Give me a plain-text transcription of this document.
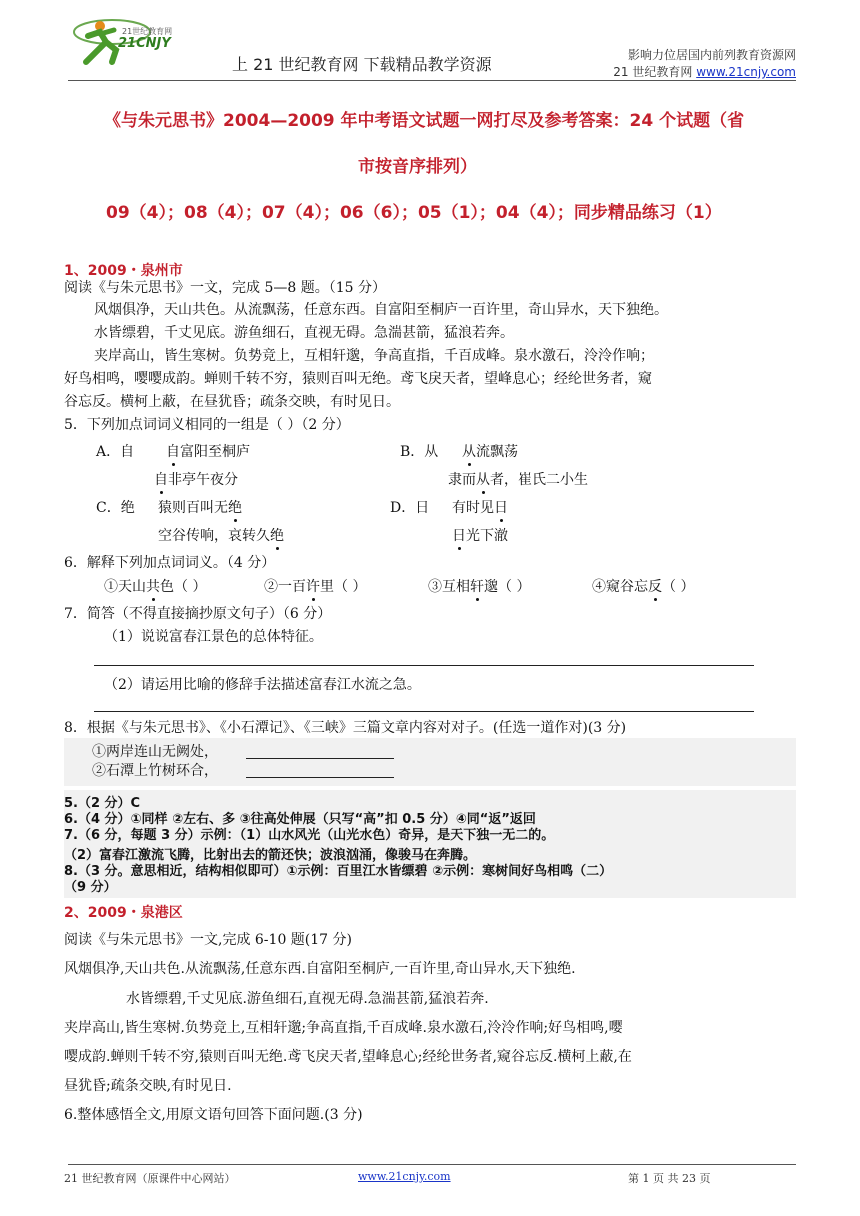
21世纪教育网
21CNJY
上 21 世纪教育网 下载精品教学资源	影响力位居国内前列教育资源网
21 世纪教育网 www.21cnjy.com
《与朱元思书》2004—2009 年中考语文试题一网打尽及参考答案：24 个试题（省
市按音序排列）
09（4）；08（4）；07（4）；06（6）；05（1）；04（4）；同步精品练习（1）
1、2009・泉州市
阅读《与朱元思书》一文，完成 5—8 题。（15 分）
风烟俱净，天山共色。从流飘荡，任意东西。自富阳至桐庐一百许里，奇山异水，天下独绝。
水皆缥碧，千丈见底。游鱼细石，直视无碍。急湍甚箭，猛浪若奔。
夹岸高山，皆生寒树。负势竞上，互相轩邈，争高直指，千百成峰。泉水激石，泠泠作响；
好鸟相鸣，嘤嘤成韵。蝉则千转不穷，猿则百叫无绝。鸢飞戾天者，望峰息心；经纶世务者，窥
谷忘反。横柯上蔽，在昼犹昏；疏条交映，有时见日。
5．下列加点词词义相同的一组是（ ）（2 分）
A．自 自富阳至桐庐
自非亭午夜分
B．从 从流飘荡
隶而从者，崔氏二小生
C．绝 猿则百叫无绝
空谷传响，哀转久绝
D．日 有时见日
日光下澈
6．解释下列加点词词义。（4 分）
①天山共色（ ）	②一百许里（ ）	③互相轩邈（ ）	④窥谷忘反（ ）
7．简答（不得直接摘抄原文句子）（6 分）
（1）说说富春江景色的总体特征。
（2）请运用比喻的修辞手法描述富春江水流之急。
8．根据《与朱元思书》、《小石潭记》、《三峡》三篇文章内容对对子。(任选一道作对)(3 分)
①两岸连山无阙处，
②石潭上竹树环合，
5.（2 分）C
6.（4 分）①同样 ②左右、多 ③往高处伸展（只写“高”扣 0.5 分）④同“返”返回
7.（6 分，每题 3 分）示例：（1）山水风光（山光水色）奇异，是天下独一无二的。
（2）富春江激流飞腾，比射出去的箭还快；波浪汹涌，像骏马在奔腾。
8.（3 分。意思相近，结构相似即可）①示例：百里江水皆缥碧 ②示例：寒树间好鸟相鸣（二）
（9 分）
2、2009・泉港区
阅读《与朱元思书》一文,完成 6-10 题(17 分)
风烟俱净,天山共色.从流飘荡,任意东西.自富阳至桐庐,一百许里,奇山异水,天下独绝.
水皆缥碧,千丈见底.游鱼细石,直视无碍.急湍甚箭,猛浪若奔.
夹岸高山,皆生寒树.负势竞上,互相轩邈;争高直指,千百成峰.泉水激石,泠泠作响;好鸟相鸣,嘤
嘤成韵.蝉则千转不穷,猿则百叫无绝.鸢飞戾天者,望峰息心;经纶世务者,窥谷忘反.横柯上蔽,在
昼犹昏;疏条交映,有时见日.
6.整体感悟全文,用原文语句回答下面问题.(3 分)
21 世纪教育网（原课件中心网站）	www.21cnjy.com	第 1 页 共 23 页
